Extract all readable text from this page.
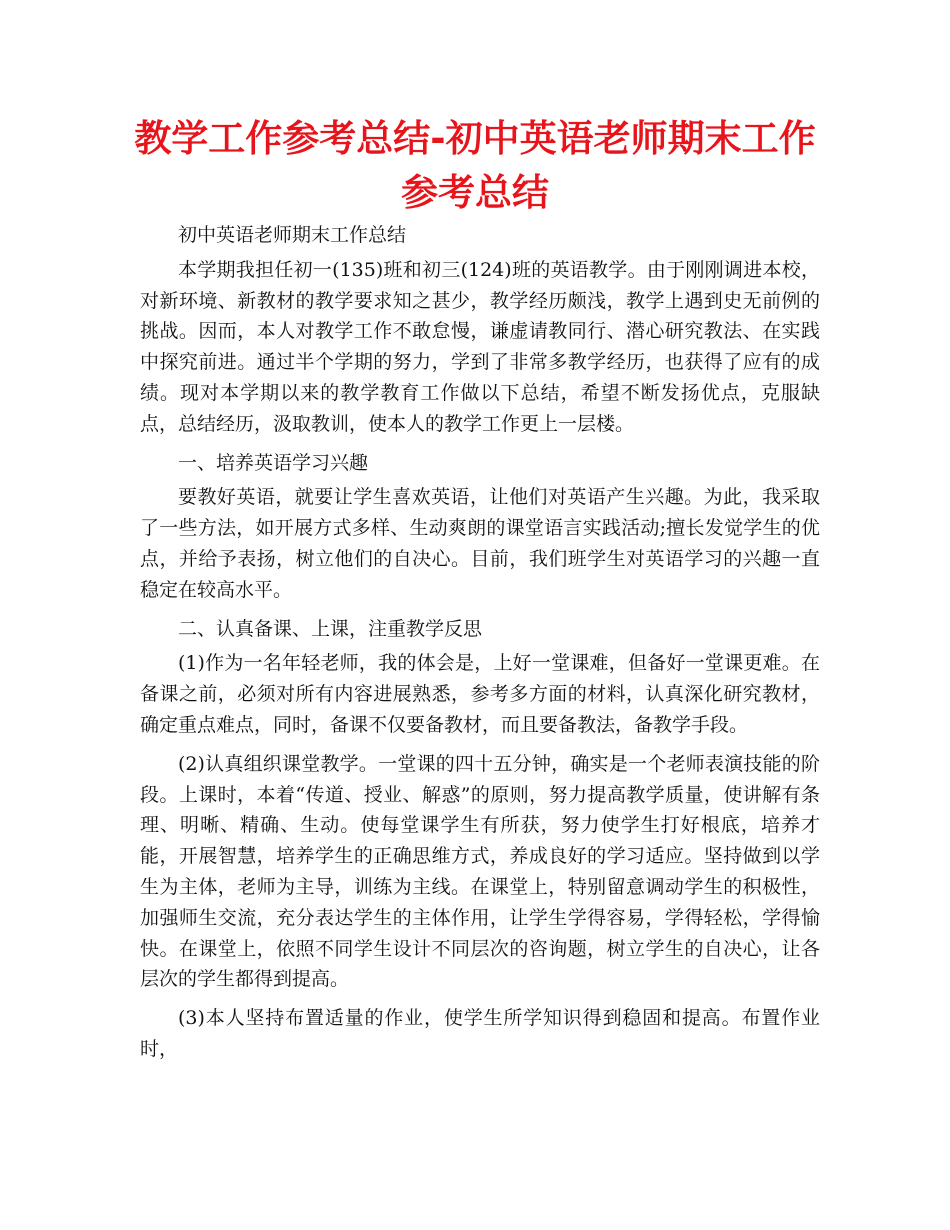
教学工作参考总结-初中英语老师期末工作参考总结

初中英语老师期末工作总结

本学期我担任初一(135)班和初三(124)班的英语教学。由于刚刚调进本校，对新环境、新教材的教学要求知之甚少，教学经历颇浅，教学上遇到史无前例的挑战。因而，本人对教学工作不敢怠慢，谦虚请教同行、潜心研究教法、在实践中探究前进。通过半个学期的努力，学到了非常多教学经历，也获得了应有的成绩。现对本学期以来的教学教育工作做以下总结，希望不断发扬优点，克服缺点，总结经历，汲取教训，使本人的教学工作更上一层楼。

一、培养英语学习兴趣

要教好英语，就要让学生喜欢英语，让他们对英语产生兴趣。为此，我采取了一些方法，如开展方式多样、生动爽朗的课堂语言实践活动;擅长发觉学生的优点，并给予表扬，树立他们的自决心。目前，我们班学生对英语学习的兴趣一直稳定在较高水平。

二、认真备课、上课，注重教学反思

(1)作为一名年轻老师，我的体会是，上好一堂课难，但备好一堂课更难。在备课之前，必须对所有内容进展熟悉，参考多方面的材料，认真深化研究教材，确定重点难点，同时，备课不仅要备教材，而且要备教法，备教学手段。

(2)认真组织课堂教学。一堂课的四十五分钟，确实是一个老师表演技能的阶段。上课时，本着“传道、授业、解惑”的原则，努力提高教学质量，使讲解有条理、明晰、精确、生动。使每堂课学生有所获，努力使学生打好根底，培养才能，开展智慧，培养学生的正确思维方式，养成良好的学习适应。坚持做到以学生为主体，老师为主导，训练为主线。在课堂上，特别留意调动学生的积极性，加强师生交流，充分表达学生的主体作用，让学生学得容易，学得轻松，学得愉快。在课堂上，依照不同学生设计不同层次的咨询题，树立学生的自决心，让各层次的学生都得到提高。

(3)本人坚持布置适量的作业，使学生所学知识得到稳固和提高。布置作业时，
